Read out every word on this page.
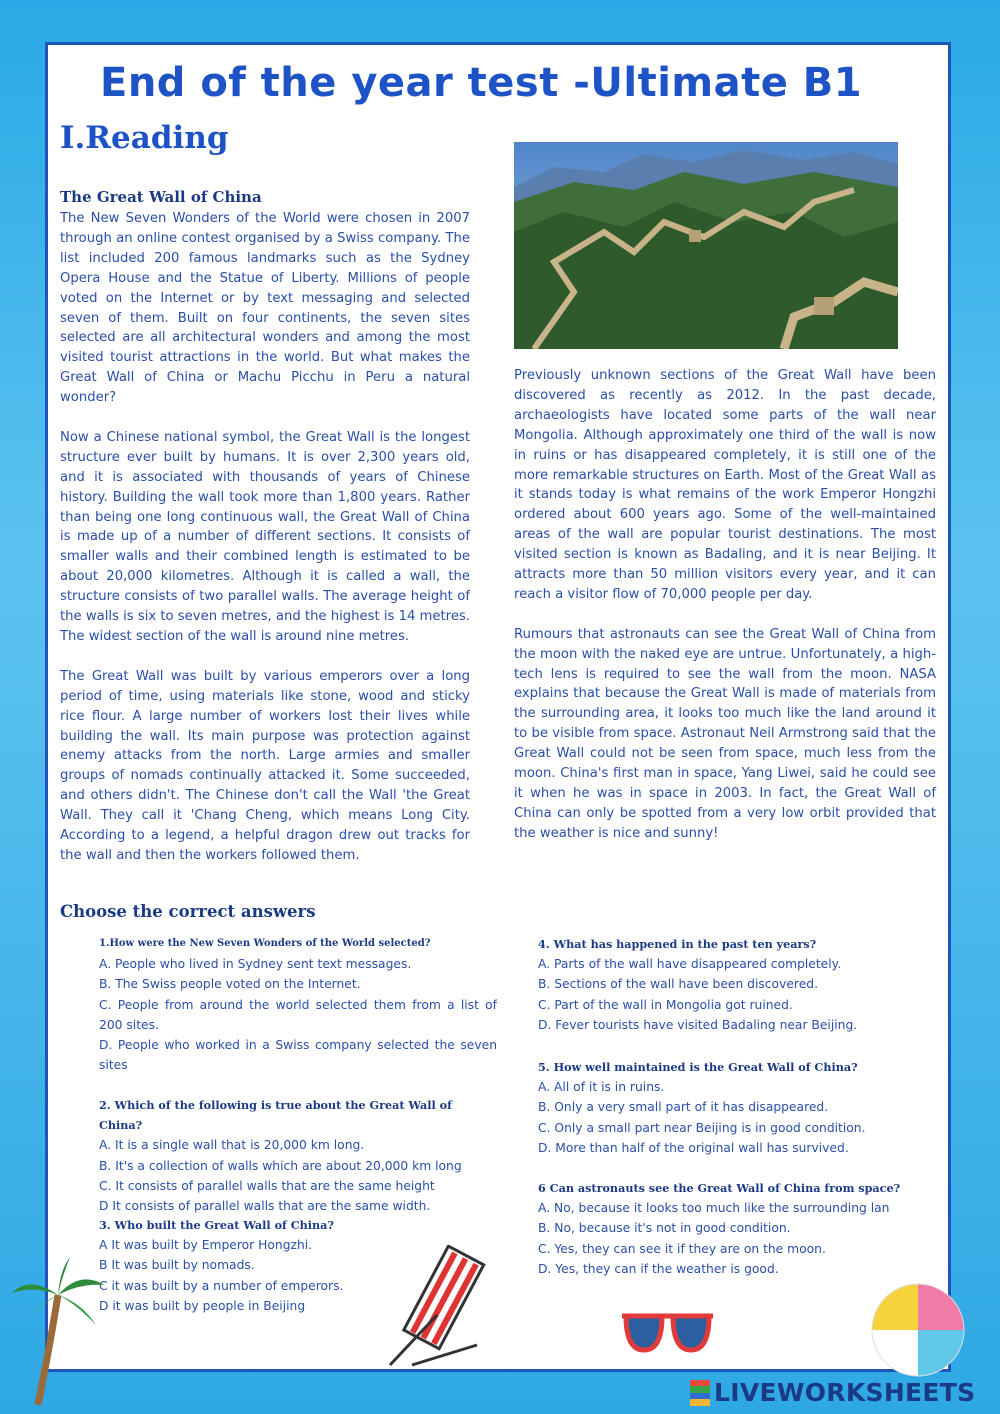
End of the year test -Ultimate B1
I.Reading
The Great Wall of China

The New Seven Wonders of the World were chosen in 2007 through an online contest organised by a Swiss company. The list included 200 famous landmarks such as the Sydney Opera House and the Statue of Liberty. Millions of people voted on the Internet or by text messaging and selected seven of them. Built on four continents, the seven sites selected are all architectural wonders and among the most visited tourist attractions in the world. But what makes the Great Wall of China or Machu Picchu in Peru a natural wonder?

Now a Chinese national symbol, the Great Wall is the longest structure ever built by humans. It is over 2,300 years old, and it is associated with thousands of years of Chinese history. Building the wall took more than 1,800 years. Rather than being one long continuous wall, the Great Wall of China is made up of a number of different sections. It consists of smaller walls and their combined length is estimated to be about 20,000 kilometres. Although it is called a wall, the structure consists of two parallel walls. The average height of the walls is six to seven metres, and the highest is 14 metres. The widest section of the wall is around nine metres.

The Great Wall was built by various emperors over a long period of time, using materials like stone, wood and sticky rice flour. A large number of workers lost their lives while building the wall. Its main purpose was protection against enemy attacks from the north. Large armies and smaller groups of nomads continually attacked it. Some succeeded, and others didn't. The Chinese don't call the Wall 'the Great Wall. They call it 'Chang Cheng, which means Long City. According to a legend, a helpful dragon drew out tracks for the wall and then the workers followed them.

Previously unknown sections of the Great Wall have been discovered as recently as 2012. In the past decade, archaeologists have located some parts of the wall near Mongolia. Although approximately one third of the wall is now in ruins or has disappeared completely, it is still one of the more remarkable structures on Earth. Most of the Great Wall as it stands today is what remains of the work Emperor Hongzhi ordered about 600 years ago. Some of the well-maintained areas of the wall are popular tourist destinations. The most visited section is known as Badaling, and it is near Beijing. It attracts more than 50 million visitors every year, and it can reach a visitor flow of 70,000 people per day.

Rumours that astronauts can see the Great Wall of China from the moon with the naked eye are untrue. Unfortunately, a high-tech lens is required to see the wall from the moon. NASA explains that because the Great Wall is made of materials from the surrounding area, it looks too much like the land around it to be visible from space. Astronaut Neil Armstrong said that the Great Wall could not be seen from space, much less from the moon. China's first man in space, Yang Liwei, said he could see it when he was in space in 2003. In fact, the Great Wall of China can only be spotted from a very low orbit provided that the weather is nice and sunny!

Choose the correct answers
1.How were the New Seven Wonders of the World selected?
A. People who lived in Sydney sent text messages.
B. The Swiss people voted on the Internet.
C. People from around the world selected them from a list of 200 sites.
D. People who worked in a Swiss company selected the seven sites
2. Which of the following is true about the Great Wall of China?
A. It is a single wall that is 20,000 km long.
B. It's a collection of walls which are about 20,000 km long
C. It consists of parallel walls that are the same height
D It consists of parallel walls that are the same width.
3. Who built the Great Wall of China?
A It was built by Emperor Hongzhi.
B It was built by nomads.
C it was built by a number of emperors.
D it was built by people in Beijing
4. What has happened in the past ten years?
A. Parts of the wall have disappeared completely.
B. Sections of the wall have been discovered.
C. Part of the wall in Mongolia got ruined.
D. Fever tourists have visited Badaling near Beijing.
5. How well maintained is the Great Wall of China?
A. All of it is in ruins.
B. Only a very small part of it has disappeared.
C. Only a small part near Beijing is in good condition.
D. More than half of the original wall has survived.
6 Can astronauts see the Great Wall of China from space?
A. No, because it looks too much like the surrounding lan
B. No, because it's not in good condition.
C. Yes, they can see it if they are on the moon.
D. Yes, they can if the weather is good.
LIVEWORKSHEETS
